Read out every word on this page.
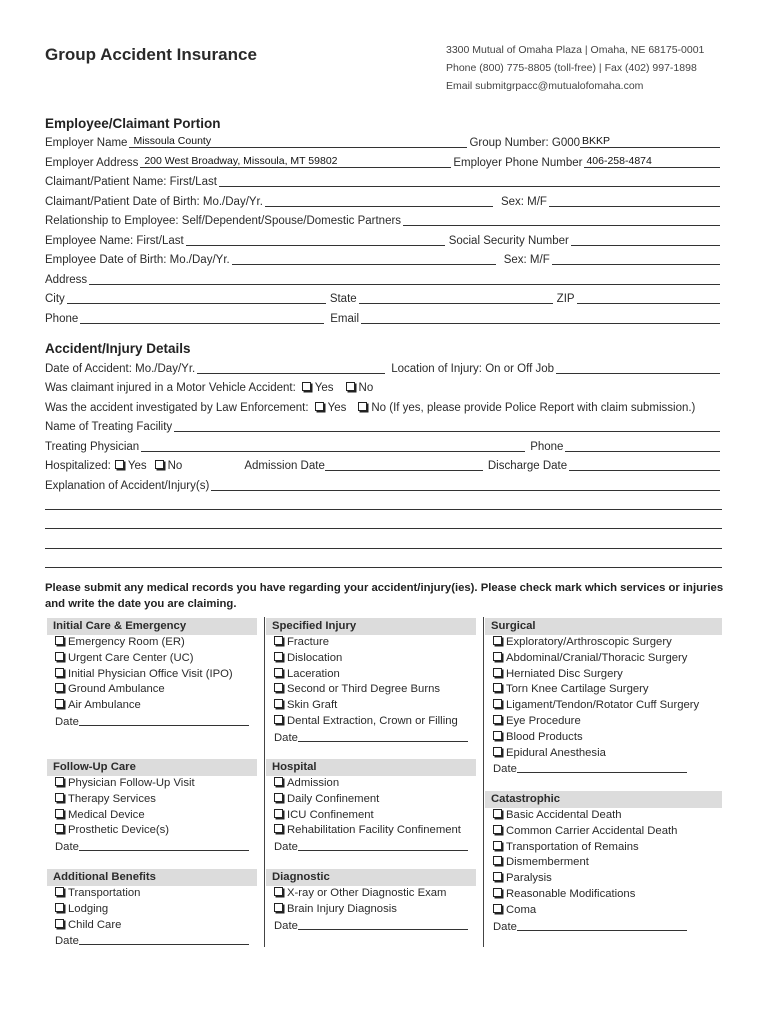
Group Accident Insurance	3300 Mutual of Omaha Plaza | Omaha, NE 68175-0001
Phone (800) 775-8805 (toll-free) | Fax (402) 997-1898
Email submitgrpacc@mutualofomaha.com
Employee/Claimant Portion
Employer Name Missoula County	Group Number: G000 BKKP
Employer Address 200 West Broadway, Missoula, MT 59802	Employer Phone Number 406-258-4874
Claimant/Patient Name: First/Last
Claimant/Patient Date of Birth: Mo./Day/Yr.	Sex: M/F
Relationship to Employee: Self/Dependent/Spouse/Domestic Partners
Employee Name: First/Last	Social Security Number
Employee Date of Birth: Mo./Day/Yr.	Sex: M/F
Address
City	State	ZIP
Phone	Email
Accident/Injury Details
Date of Accident: Mo./Day/Yr.	Location of Injury: On or Off Job
Was claimant injured in a Motor Vehicle Accident:	Yes	No
Was the accident investigated by Law Enforcement:	Yes	No (If yes, please provide Police Report with claim submission.)
Name of Treating Facility
Treating Physician	Phone
Hospitalized:	Yes	No	Admission Date	Discharge Date
Explanation of Accident/Injury(s)
Please submit any medical records you have regarding your accident/injury(ies). Please check mark which services or injuries and write the date you are claiming.
Initial Care & Emergency
Emergency Room (ER)
Urgent Care Center (UC)
Initial Physician Office Visit (IPO)
Ground Ambulance
Air Ambulance
Date
Follow-Up Care
Physician Follow-Up Visit
Therapy Services
Medical Device
Prosthetic Device(s)
Date
Additional Benefits
Transportation
Lodging
Child Care
Date
Specified Injury
Fracture
Dislocation
Laceration
Second or Third Degree Burns
Skin Graft
Dental Extraction, Crown or Filling
Date
Hospital
Admission
Daily Confinement
ICU Confinement
Rehabilitation Facility Confinement
Date
Diagnostic
X-ray or Other Diagnostic Exam
Brain Injury Diagnosis
Date
Surgical
Exploratory/Arthroscopic Surgery
Abdominal/Cranial/Thoracic Surgery
Herniated Disc Surgery
Torn Knee Cartilage Surgery
Ligament/Tendon/Rotator Cuff Surgery
Eye Procedure
Blood Products
Epidural Anesthesia
Date
Catastrophic
Basic Accidental Death
Common Carrier Accidental Death
Transportation of Remains
Dismemberment
Paralysis
Reasonable Modifications
Coma
Date
